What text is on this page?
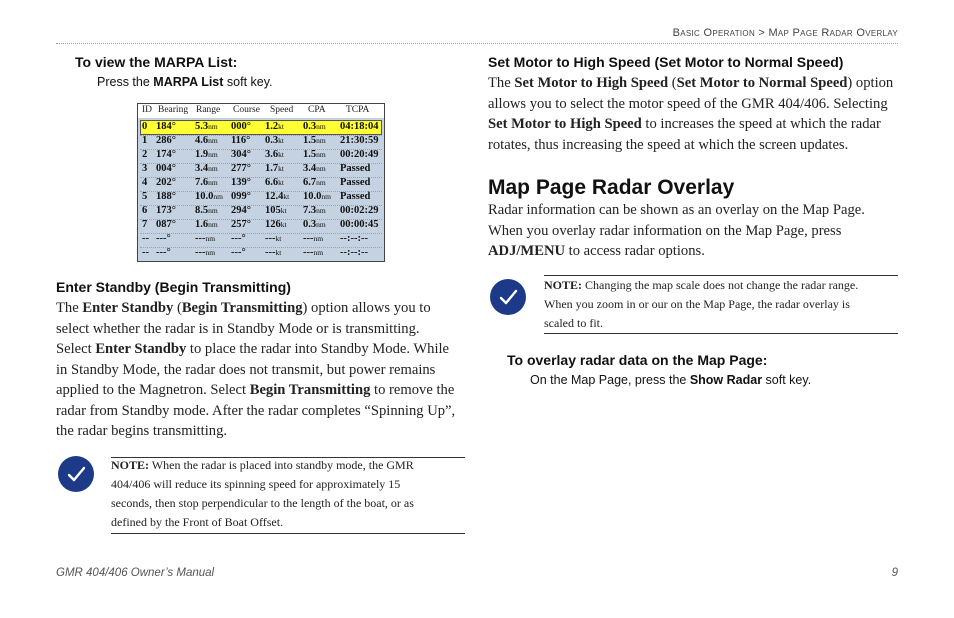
Basic Operation > Map Page Radar Overlay
To view the MARPA List:
Press the MARPA List soft key.
ID Bearing Range Course Speed CPA TCPA
0 184° 5.3nm 000° 1.2kt 0.3nm 04:18:04
1 286° 4.6nm 116° 0.3kt 1.5nm 21:30:59
2 174° 1.9nm 304° 3.6kt 1.5nm 00:20:49
3 004° 3.4nm 277° 1.7kt 3.4nm Passed
4 202° 7.6nm 139° 6.6kt 6.7nm Passed
5 188° 10.0nm 099° 12.4kt 10.0nm Passed
6 173° 8.5nm 294° 105kt 7.3nm 00:02:29
7 087° 1.6nm 257° 126kt 0.3nm 00:00:45
-- ---° ---nm ---° ---kt ---nm --:--:--
-- ---° ---nm ---° ---kt ---nm --:--:--
Enter Standby (Begin Transmitting)
The Enter Standby (Begin Transmitting) option allows you to
select whether the radar is in Standby Mode or is transmitting.
Select Enter Standby to place the radar into Standby Mode. While
in Standby Mode, the radar does not transmit, but power remains
applied to the Magnetron. Select Begin Transmitting to remove the
radar from Standby mode. After the radar completes “Spinning Up”,
the radar begins transmitting.
NOTE: When the radar is placed into standby mode, the GMR
404/406 will reduce its spinning speed for approximately 15
seconds, then stop perpendicular to the length of the boat, or as
defined by the Front of Boat Offset.
Set Motor to High Speed (Set Motor to Normal Speed)
The Set Motor to High Speed (Set Motor to Normal Speed) option
allows you to select the motor speed of the GMR 404/406. Selecting
Set Motor to High Speed to increases the speed at which the radar
rotates, thus increasing the speed at which the screen updates.
Map Page Radar Overlay
Radar information can be shown as an overlay on the Map Page.
When you overlay radar information on the Map Page, press
ADJ/MENU to access radar options.
NOTE: Changing the map scale does not change the radar range.
When you zoom in or our on the Map Page, the radar overlay is
scaled to fit.
To overlay radar data on the Map Page:
On the Map Page, press the Show Radar soft key.
GMR 404/406 Owner’s Manual	9
